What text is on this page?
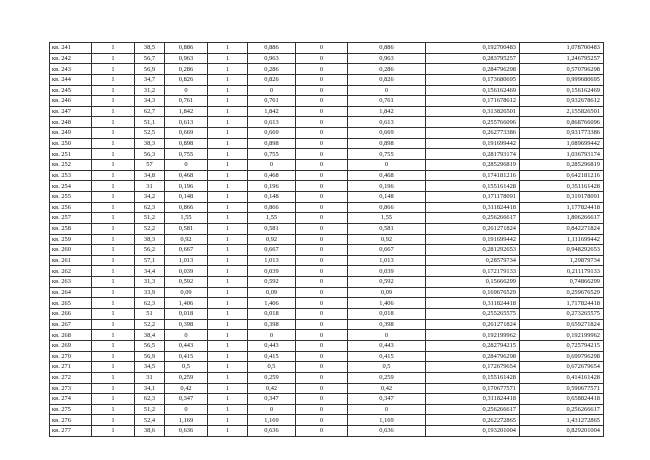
кв. 241	1	38,5	0,886	1	0,886	0	0,886	0,192700483	1,078700483
кв. 242	1	56,7	0,963	1	0,963	0	0,963	0,283795257	1,246795257
кв. 243	1	56,9	0,286	1	0,286	0	0,286	0,284796298	0,570796298
кв. 244	1	34,7	0,826	1	0,826	0	0,826	0,173680695	0,999680695
кв. 245	1	31,2	0	1	0	0	0	0,156162469	0,156162469
кв. 246	1	34,3	0,761	1	0,761	0	0,761	0,171678612	0,932678612
кв. 247	1	62,7	1,842	1	1,842	0	1,842	0,313826501	2,155826501
кв. 248	1	51,1	0,613	1	0,613	0	0,613	0,255766096	0,868766096
кв. 249	1	52,5	0,669	1	0,669	0	0,669	0,262773386	0,931773386
кв. 250	1	38,3	0,898	1	0,898	0	0,898	0,191699442	1,089699442
кв. 251	1	56,3	0,755	1	0,755	0	0,755	0,281793174	1,036793174
кв. 252	1	57	0	1	0	0	0	0,285296819	0,285296819
кв. 253	1	34,8	0,468	1	0,468	0	0,468	0,174181216	0,642181216
кв. 254	1	31	0,196	1	0,196	0	0,196	0,155161428	0,351161428
кв. 255	1	34,2	0,148	1	0,148	0	0,148	0,171178091	0,319178091
кв. 256	1	62,3	0,866	1	0,866	0	0,866	0,311824418	1,177824418
кв. 257	1	51,2	1,55	1	1,55	0	1,55	0,256266617	1,806266617
кв. 258	1	52,2	0,581	1	0,581	0	0,581	0,261271824	0,842271824
кв. 259	1	38,3	0,92	1	0,92	0	0,92	0,191699442	1,111699442
кв. 260	1	56,2	0,667	1	0,667	0	0,667	0,281292653	0,948292653
кв. 261	1	57,1	1,013	1	1,013	0	1,013	0,28579734	1,29879734
кв. 262	1	34,4	0,039	1	0,039	0	0,039	0,172179133	0,211179133
кв. 263	1	31,3	0,592	1	0,592	0	0,592	0,15666299	0,74866299
кв. 264	1	33,9	0,09	1	0,09	0	0,09	0,169676529	0,259676529
кв. 265	1	62,3	1,406	1	1,406	0	1,406	0,311824418	1,717824418
кв. 266	1	51	0,018	1	0,018	0	0,018	0,255265575	0,273265575
кв. 267	1	52,2	0,398	1	0,398	0	0,398	0,261271824	0,659271824
кв. 268	1	38,4	0	1	0	0	0	0,192199962	0,192199962
кв. 269	1	56,5	0,443	1	0,443	0	0,443	0,282794215	0,725794215
кв. 270	1	56,9	0,415	1	0,415	0	0,415	0,284796298	0,699796298
кв. 271	1	34,5	0,5	1	0,5	0	0,5	0,172679654	0,672679654
кв. 272	1	31	0,259	1	0,259	0	0,259	0,155161428	0,414161428
кв. 273	1	34,1	0,42	1	0,42	0	0,42	0,170677571	0,590677571
кв. 274	1	62,3	0,347	1	0,347	0	0,347	0,311824418	0,658824418
кв. 275	1	51,2	0	1	0	0	0	0,256266617	0,256266617
кв. 276	1	52,4	1,169	1	1,169	0	1,169	0,262272865	1,431272865
кв. 277	1	38,6	0,636	1	0,636	0	0,636	0,193201004	0,829201004
